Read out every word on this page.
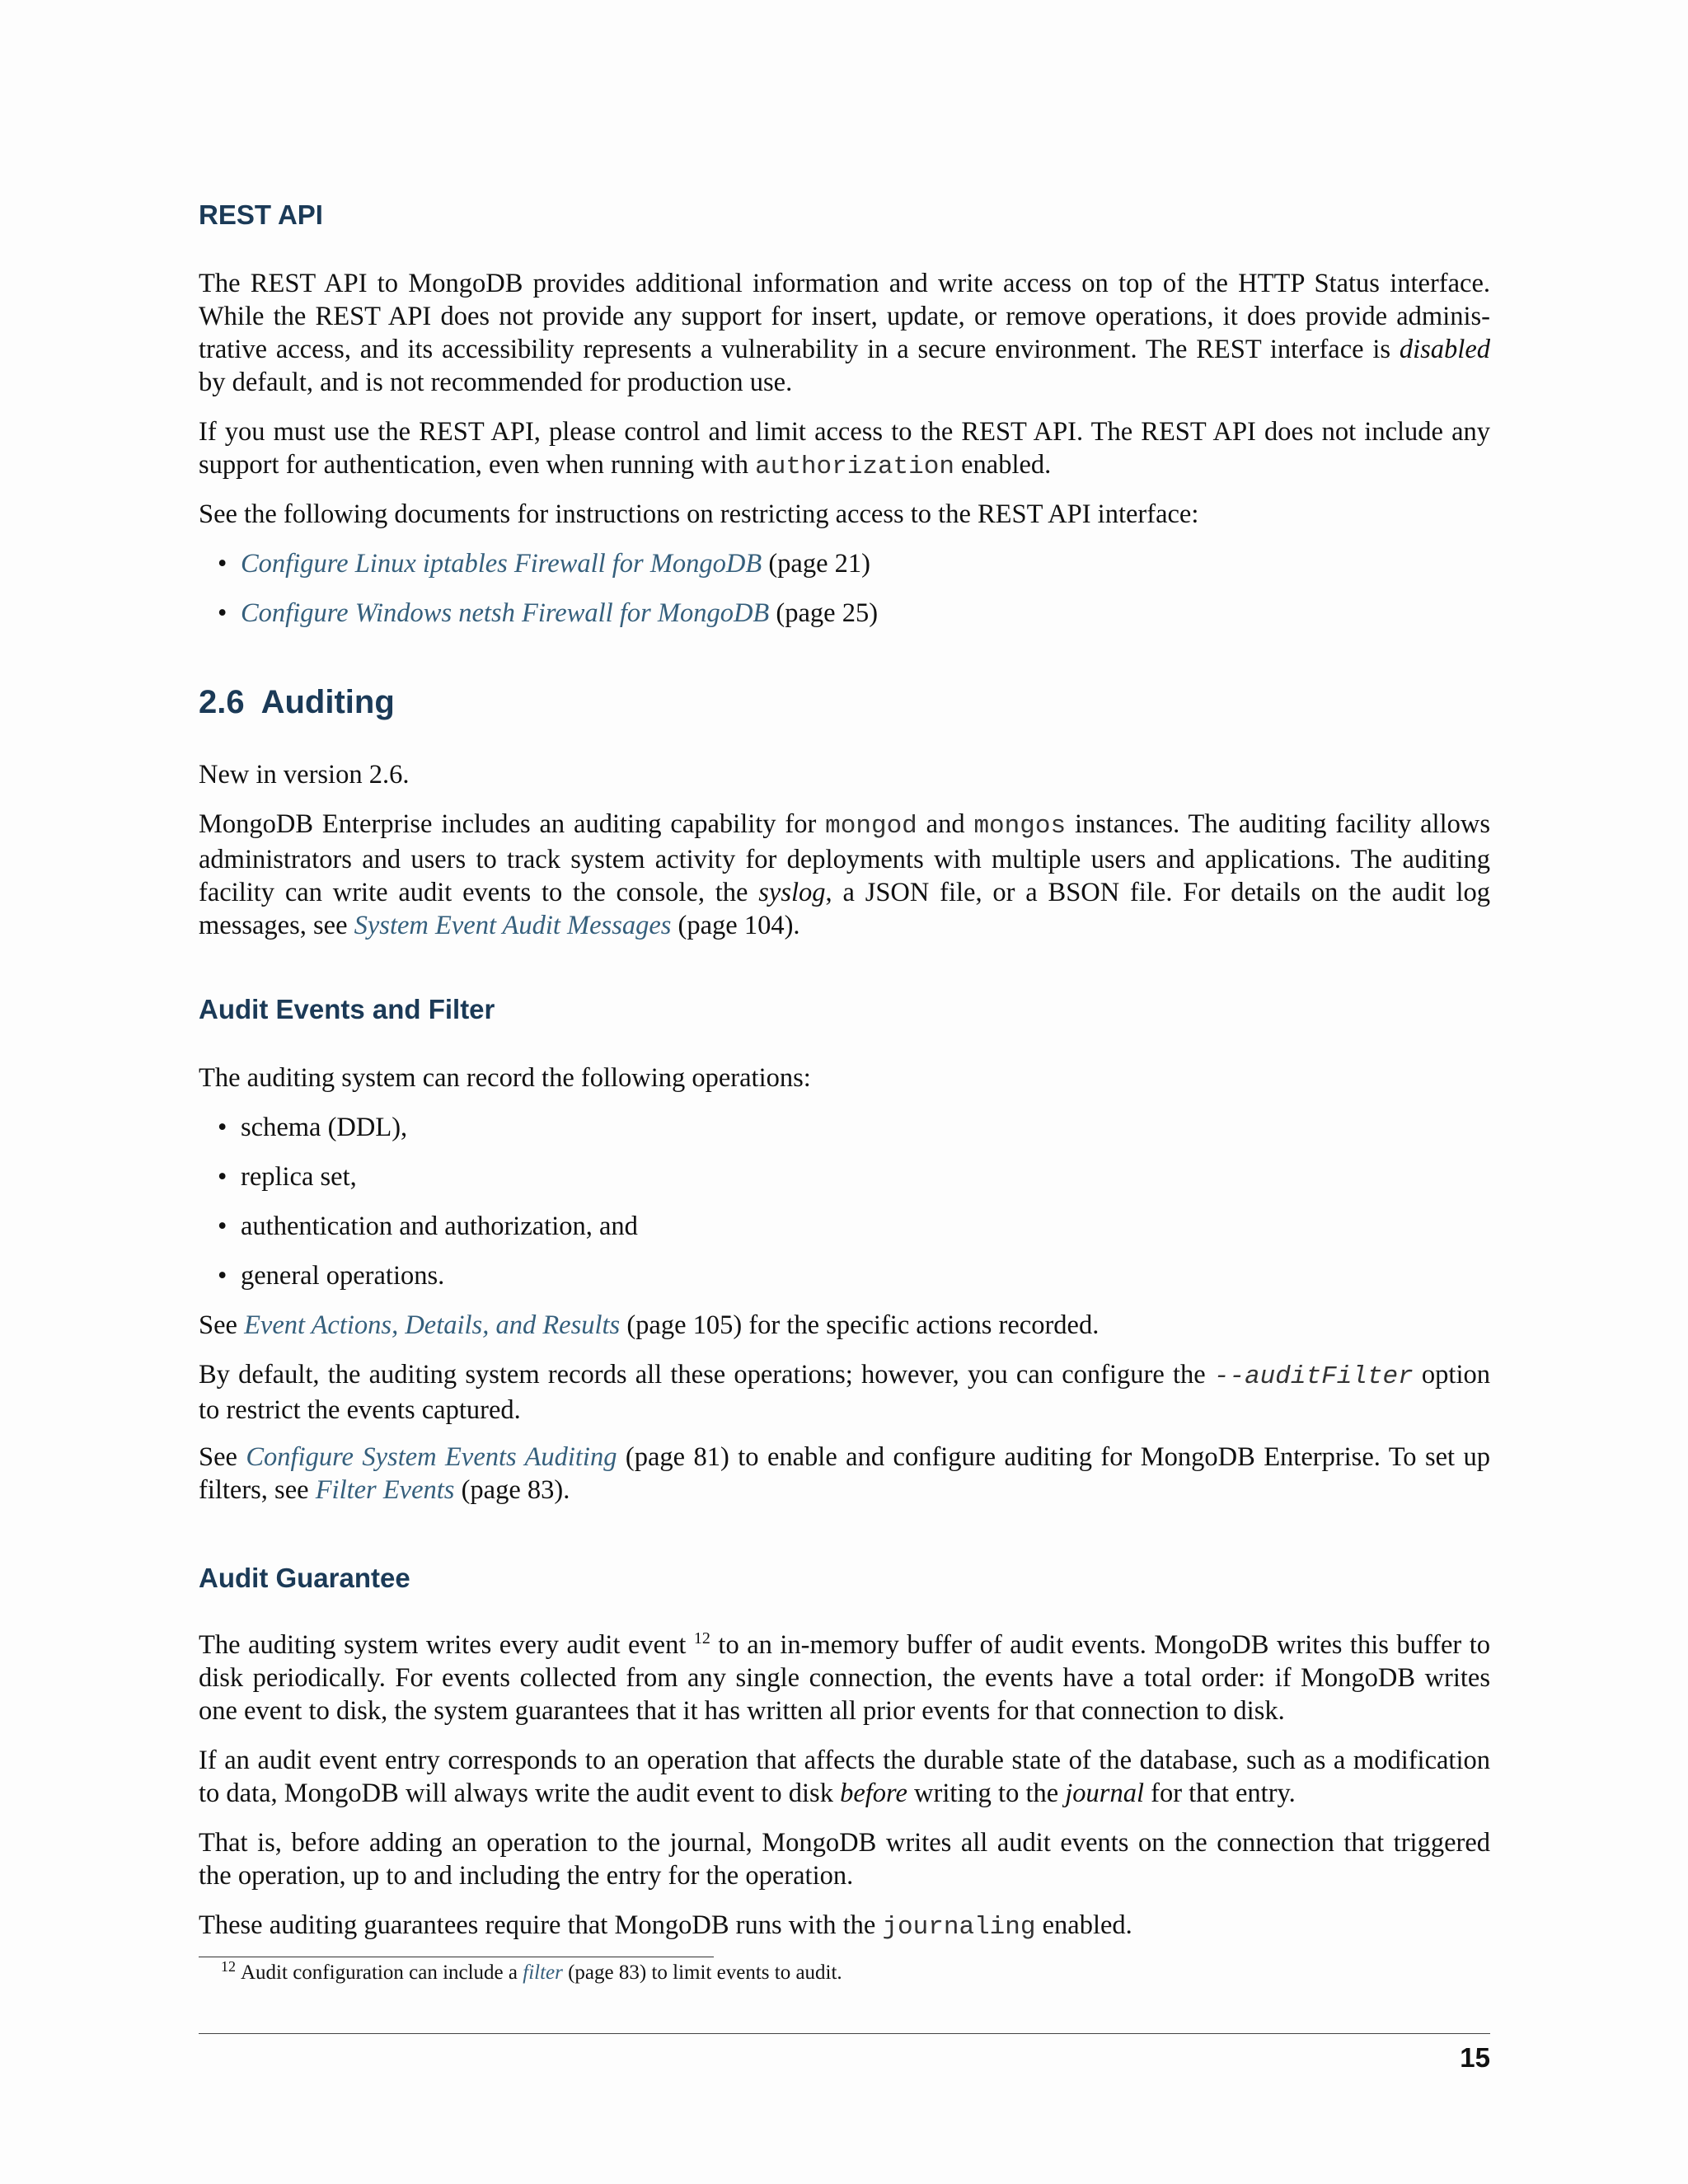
REST API
The REST API to MongoDB provides additional information and write access on top of the HTTP Status interface.
While the REST API does not provide any support for insert, update, or remove operations, it does provide adminis-
trative access, and its accessibility represents a vulnerability in a secure environment. The REST interface is disabled
by default, and is not recommended for production use.
If you must use the REST API, please control and limit access to the REST API. The REST API does not include any
support for authentication, even when running with authorization enabled.
See the following documents for instructions on restricting access to the REST API interface:
• Configure Linux iptables Firewall for MongoDB (page 21)
• Configure Windows netsh Firewall for MongoDB (page 25)
2.6 Auditing
New in version 2.6.
MongoDB Enterprise includes an auditing capability for mongod and mongos instances. The auditing facility allows
administrators and users to track system activity for deployments with multiple users and applications. The auditing
facility can write audit events to the console, the syslog, a JSON file, or a BSON file. For details on the audit log
messages, see System Event Audit Messages (page 104).
Audit Events and Filter
The auditing system can record the following operations:
• schema (DDL),
• replica set,
• authentication and authorization, and
• general operations.
See Event Actions, Details, and Results (page 105) for the specific actions recorded.
By default, the auditing system records all these operations; however, you can configure the --auditFilter option
to restrict the events captured.
See Configure System Events Auditing (page 81) to enable and configure auditing for MongoDB Enterprise. To set up
filters, see Filter Events (page 83).
Audit Guarantee
The auditing system writes every audit event $^{12}$ to an in-memory buffer of audit events. MongoDB writes this buffer to
disk periodically. For events collected from any single connection, the events have a total order: if MongoDB writes
one event to disk, the system guarantees that it has written all prior events for that connection to disk.
If an audit event entry corresponds to an operation that affects the durable state of the database, such as a modification
to data, MongoDB will always write the audit event to disk before writing to the journal for that entry.
That is, before adding an operation to the journal, MongoDB writes all audit events on the connection that triggered
the operation, up to and including the entry for the operation.
These auditing guarantees require that MongoDB runs with the journaling enabled.
$^{12}$ Audit configuration can include a filter (page 83) to limit events to audit.
15
